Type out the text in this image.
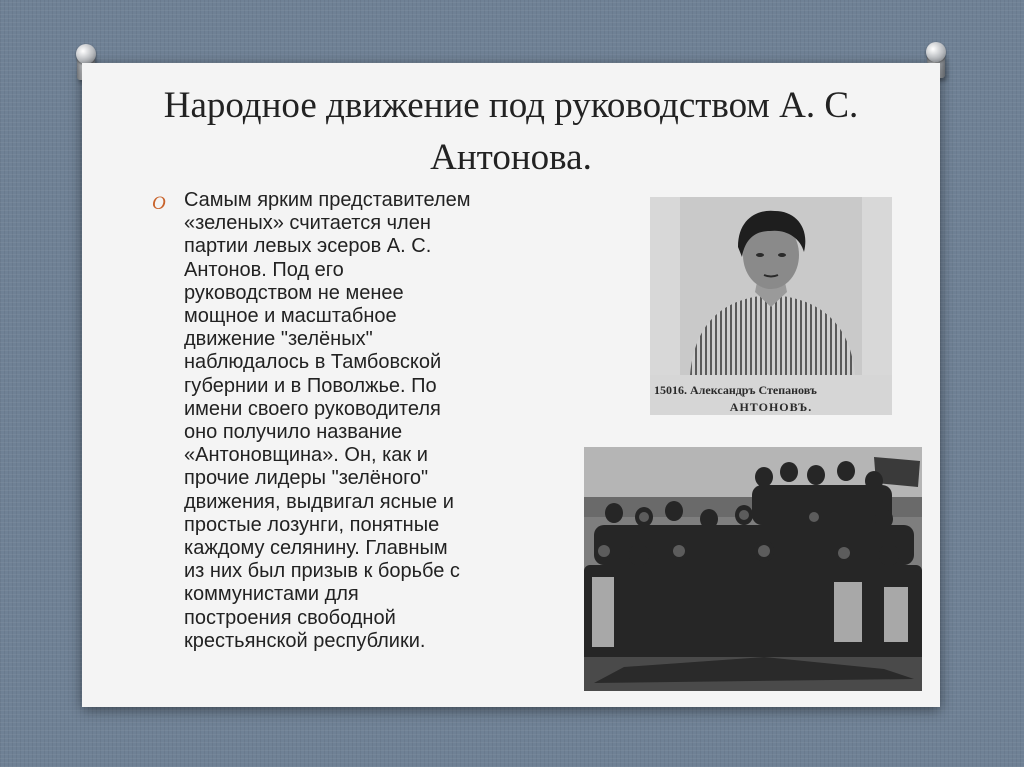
Народное движение под руководством А. С. Антонова.
O Самым ярким представителем
«зеленых» считается член
партии левых эсеров А. С.
Антонов. Под его
руководством не менее
мощное и масштабное
движение "зелёных"
наблюдалось в Тамбовской
губернии и в Поволжье. По
имени своего руководителя
оно получило название
«Антоновщина». Он, как и
прочие лидеры "зелёного"
движения, выдвигал ясные и
простые лозунги, понятные
каждому селянину. Главным
из них был призыв к борьбе с
коммунистами для
построения свободной
крестьянской республики.
15016. Александръ Степановъ
АНТОНОВЪ.
